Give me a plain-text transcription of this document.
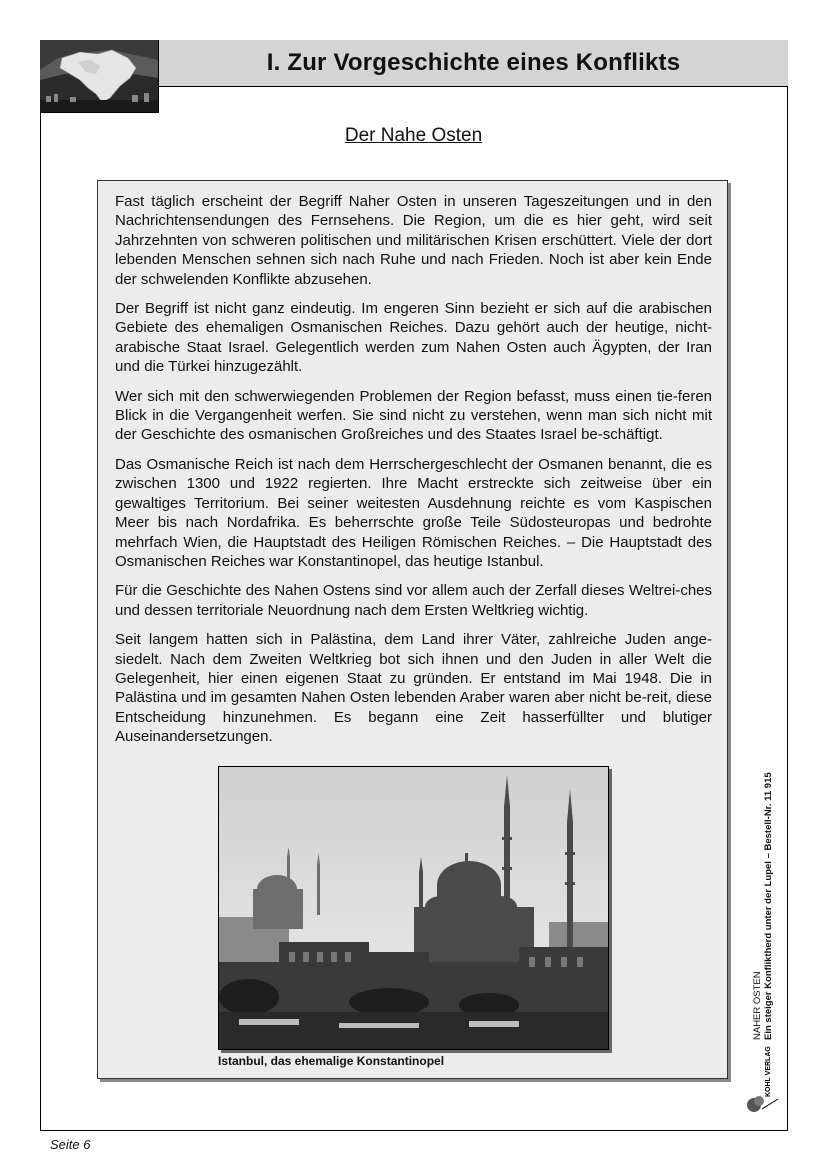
I. Zur Vorgeschichte eines Konflikts
Der Nahe Osten

Fast täglich erscheint der Begriff Naher Osten in unseren Tageszeitungen und in den Nachrichtensendungen des Fernsehens. Die Region, um die es hier geht, wird seit Jahrzehnten von schweren politischen und militärischen Krisen erschüttert. Viele der dort lebenden Menschen sehnen sich nach Ruhe und nach Frieden. Noch ist aber kein Ende der schwelenden Konflikte abzusehen.

Der Begriff ist nicht ganz eindeutig. Im engeren Sinn bezieht er sich auf die arabischen Gebiete des ehemaligen Osmanischen Reiches. Dazu gehört auch der heutige, nicht-arabische Staat Israel. Gelegentlich werden zum Nahen Osten auch Ägypten, der Iran und die Türkei hinzugezählt.

Wer sich mit den schwerwiegenden Problemen der Region befasst, muss einen tie-feren Blick in die Vergangenheit werfen. Sie sind nicht zu verstehen, wenn man sich nicht mit der Geschichte des osmanischen Großreiches und des Staates Israel be-schäftigt.

Das Osmanische Reich ist nach dem Herrschergeschlecht der Osmanen benannt, die es zwischen 1300 und 1922 regierten. Ihre Macht erstreckte sich zeitweise über ein gewaltiges Territorium. Bei seiner weitesten Ausdehnung reichte es vom Kaspischen Meer bis nach Nordafrika. Es beherrschte große Teile Südosteuropas und bedrohte mehrfach Wien, die Hauptstadt des Heiligen Römischen Reiches. – Die Hauptstadt des Osmanischen Reiches war Konstantinopel, das heutige Istanbul.

Für die Geschichte des Nahen Ostens sind vor allem auch der Zerfall dieses Weltrei-ches und dessen territoriale Neuordnung nach dem Ersten Weltkrieg wichtig.

Seit langem hatten sich in Palästina, dem Land ihrer Väter, zahlreiche Juden ange-siedelt. Nach dem Zweiten Weltkrieg bot sich ihnen und den Juden in aller Welt die Gelegenheit, hier einen eigenen Staat zu gründen. Er entstand im Mai 1948. Die in Palästina und im gesamten Nahen Osten lebenden Araber waren aber nicht be-reit, diese Entscheidung hinzunehmen. Es begann eine Zeit hasserfüllter und blutiger Auseinandersetzungen.

Istanbul, das ehemalige Konstantinopel
NAHER OSTEN Ein steiger Konfliktherd unter der Lupel – Bestell-Nr. 11 915
KOHL VERLAG
Seite 6
